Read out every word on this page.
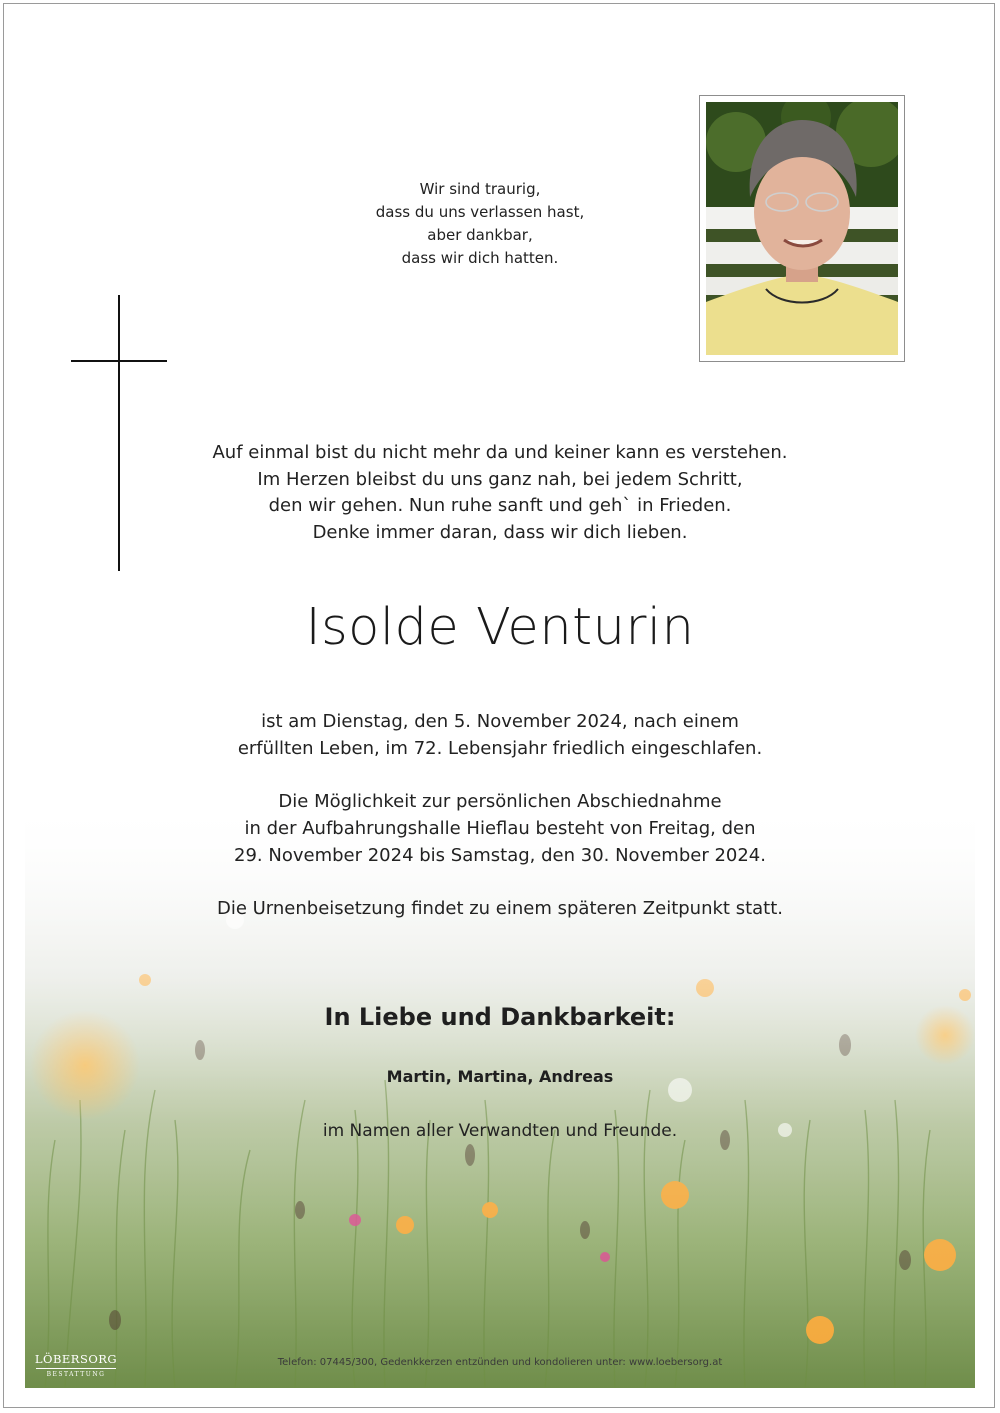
Wir sind traurig,
dass du uns verlassen hast,
aber dankbar,
dass wir dich hatten.
Auf einmal bist du nicht mehr da und keiner kann es verstehen.
Im Herzen bleibst du uns ganz nah, bei jedem Schritt,
den wir gehen. Nun ruhe sanft und geh` in Frieden.
Denke immer daran, dass wir dich lieben.
Isolde Venturin
ist am Dienstag, den 5. November 2024, nach einem
erfüllten Leben, im 72. Lebensjahr friedlich eingeschlafen.
Die Möglichkeit zur persönlichen Abschiednahme
in der Aufbahrungshalle Hieflau besteht von Freitag, den
29. November 2024 bis Samstag, den 30. November 2024.
Die Urnenbeisetzung findet zu einem späteren Zeitpunkt statt.
In Liebe und Dankbarkeit:
Martin, Martina, Andreas
im Namen aller Verwandten und Freunde.
LÖBERSORG
BESTATTUNG
Telefon: 07445/300, Gedenkkerzen entzünden und kondolieren unter: www.loebersorg.at
